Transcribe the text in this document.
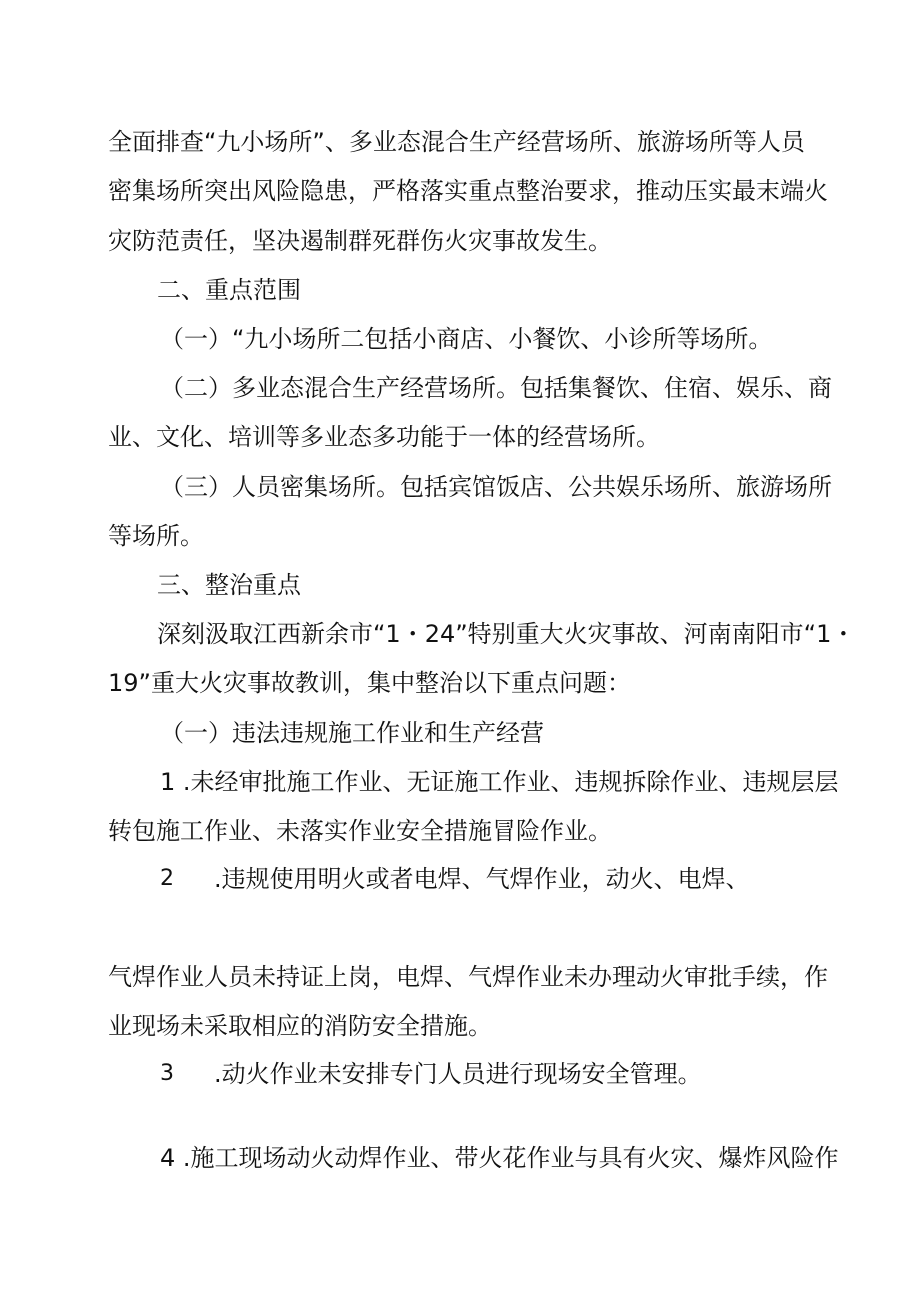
全面排查“九小场所”、多业态混合生产经营场所、旅游场所等人员
密集场所突出风险隐患，严格落实重点整治要求，推动压实最末端火
灾防范责任，坚决遏制群死群伤火灾事故发生。
二、重点范围
（一）“九小场所二包括小商店、小餐饮、小诊所等场所。
（二）多业态混合生产经营场所。包括集餐饮、住宿、娱乐、商
业、文化、培训等多业态多功能于一体的经营场所。
（三）人员密集场所。包括宾馆饭店、公共娱乐场所、旅游场所
等场所。
三、整治重点
深刻汲取江西新余市“1・24”特别重大火灾事故、河南南阳市“1・
19”重大火灾事故教训，集中整治以下重点问题：
（一）违法违规施工作业和生产经营
1 .未经审批施工作业、无证施工作业、违规拆除作业、违规层层
转包施工作业、未落实作业安全措施冒险作业。
2 .违规使用明火或者电焊、气焊作业，动火、电焊、
气焊作业人员未持证上岗，电焊、气焊作业未办理动火审批手续，作
业现场未采取相应的消防安全措施。
3 .动火作业未安排专门人员进行现场安全管理。
4 .施工现场动火动焊作业、带火花作业与具有火灾、爆炸风险作
